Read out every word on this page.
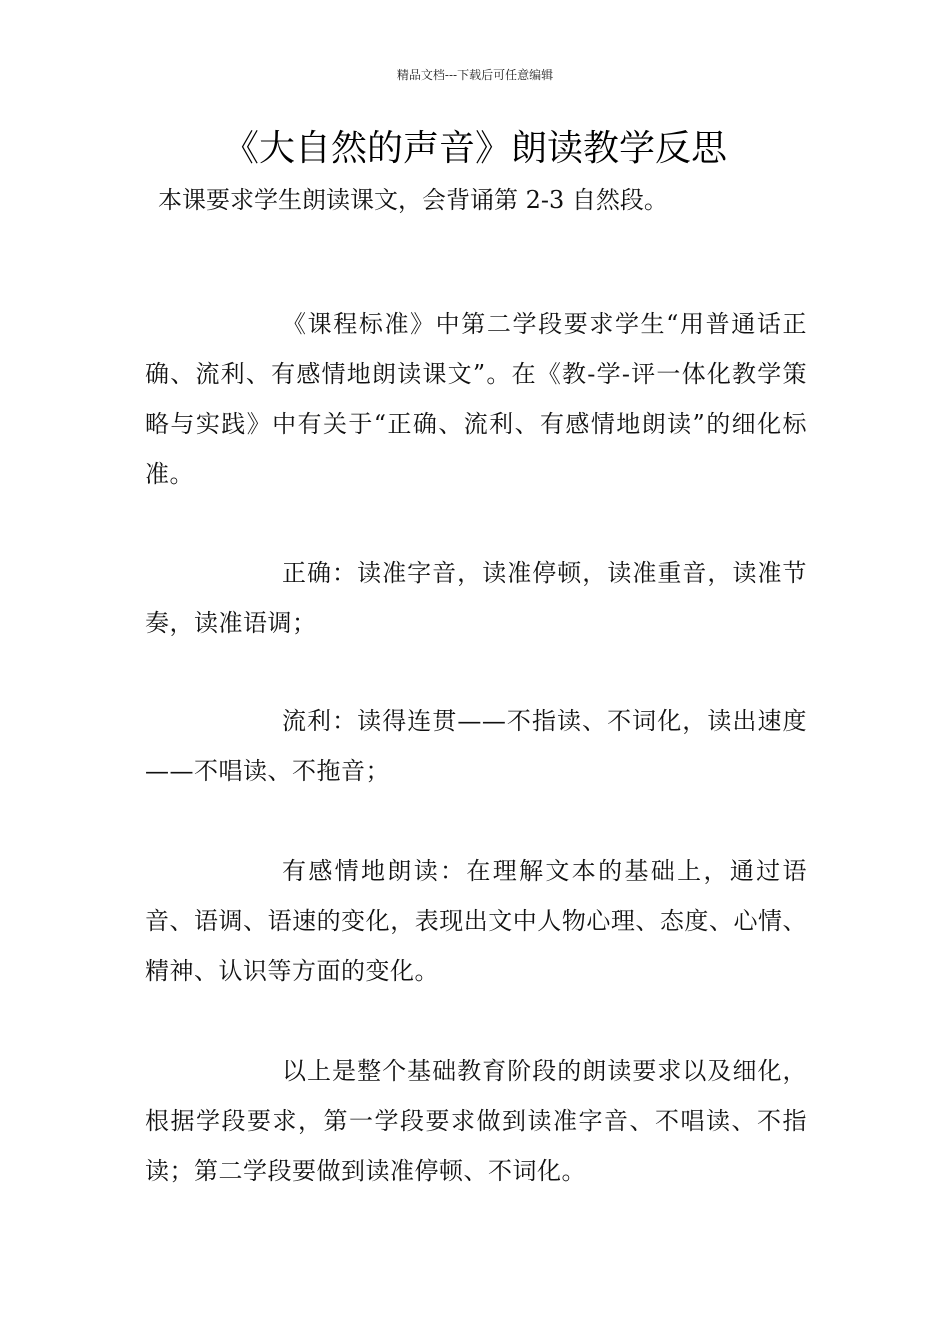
精品文档---下载后可任意编辑
《大自然的声音》朗读教学反思
本课要求学生朗读课文，会背诵第 2-3 自然段。

《课程标准》中第二学段要求学生“用普通话正确、流利、有感情地朗读课文”。在《教-学-评一体化教学策略与实践》中有关于“正确、流利、有感情地朗读”的细化标准。

正确：读准字音，读准停顿，读准重音，读准节奏，读准语调；

流利：读得连贯——不指读、不词化，读出速度——不唱读、不拖音；

有感情地朗读：在理解文本的基础上，通过语音、语调、语速的变化，表现出文中人物心理、态度、心情、精神、认识等方面的变化。

以上是整个基础教育阶段的朗读要求以及细化，根据学段要求，第一学段要求做到读准字音、不唱读、不指读；第二学段要做到读准停顿、不词化。
